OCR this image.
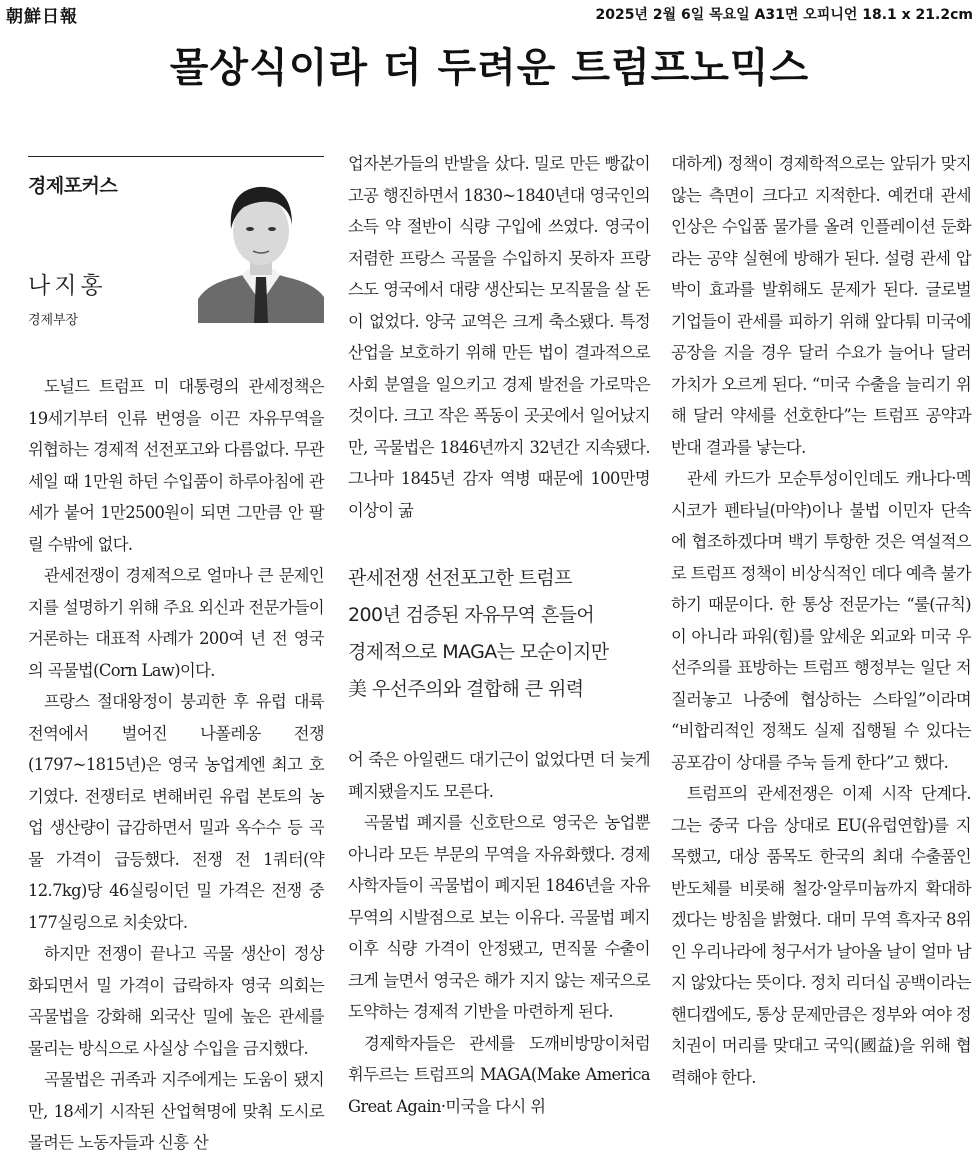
朝鮮日報	2025년 2월 6일 목요일 A31면 오피니언 18.1 x 21.2cm
몰상식이라 더 두려운 트럼프노믹스
경제포커스
나지홍
경제부장

도널드 트럼프 미 대통령의 관세정책은 19세기부터 인류 번영을 이끈 자유무역을 위협하는 경제적 선전포고와 다름없다. 무관세일 때 1만원 하던 수입품이 하루아침에 관세가 붙어 1만2500원이 되면 그만큼 안 팔릴 수밖에 없다.

관세전쟁이 경제적으로 얼마나 큰 문제인지를 설명하기 위해 주요 외신과 전문가들이 거론하는 대표적 사례가 200여 년 전 영국의 곡물법(Corn Law)이다.

프랑스 절대왕정이 붕괴한 후 유럽 대륙 전역에서 벌어진 나폴레옹 전쟁(1797~1815년)은 영국 농업계엔 최고 호기였다. 전쟁터로 변해버린 유럽 본토의 농업 생산량이 급감하면서 밀과 옥수수 등 곡물 가격이 급등했다. 전쟁 전 1쿼터(약 12.7kg)당 46실링이던 밀 가격은 전쟁 중 177실링으로 치솟았다.

하지만 전쟁이 끝나고 곡물 생산이 정상화되면서 밀 가격이 급락하자 영국 의회는 곡물법을 강화해 외국산 밀에 높은 관세를 물리는 방식으로 사실상 수입을 금지했다.

곡물법은 귀족과 지주에게는 도움이 됐지만, 18세기 시작된 산업혁명에 맞춰 도시로 몰려든 노동자들과 신흥 산

업자본가들의 반발을 샀다. 밀로 만든 빵값이 고공 행진하면서 1830~1840년대 영국인의 소득 약 절반이 식량 구입에 쓰였다. 영국이 저렴한 프랑스 곡물을 수입하지 못하자 프랑스도 영국에서 대량 생산되는 모직물을 살 돈이 없었다. 양국 교역은 크게 축소됐다. 특정 산업을 보호하기 위해 만든 법이 결과적으로 사회 분열을 일으키고 경제 발전을 가로막은 것이다. 크고 작은 폭동이 곳곳에서 일어났지만, 곡물법은 1846년까지 32년간 지속됐다. 그나마 1845년 감자 역병 때문에 100만명 이상이 굶

관세전쟁 선전포고한 트럼프
200년 검증된 자유무역 흔들어
경제적으로 MAGA는 모순이지만
美 우선주의와 결합해 큰 위력

어 죽은 아일랜드 대기근이 없었다면 더 늦게 폐지됐을지도 모른다.

곡물법 폐지를 신호탄으로 영국은 농업뿐 아니라 모든 부문의 무역을 자유화했다. 경제사학자들이 곡물법이 폐지된 1846년을 자유무역의 시발점으로 보는 이유다. 곡물법 폐지 이후 식량 가격이 안정됐고, 면직물 수출이 크게 늘면서 영국은 해가 지지 않는 제국으로 도약하는 경제적 기반을 마련하게 된다.

경제학자들은 관세를 도깨비방망이처럼 휘두르는 트럼프의 MAGA(Make America Great Again·미국을 다시 위

대하게) 정책이 경제학적으로는 앞뒤가 맞지 않는 측면이 크다고 지적한다. 예컨대 관세 인상은 수입품 물가를 올려 인플레이션 둔화라는 공약 실현에 방해가 된다. 설령 관세 압박이 효과를 발휘해도 문제가 된다. 글로벌 기업들이 관세를 피하기 위해 앞다퉈 미국에 공장을 지을 경우 달러 수요가 늘어나 달러 가치가 오르게 된다. “미국 수출을 늘리기 위해 달러 약세를 선호한다”는 트럼프 공약과 반대 결과를 낳는다.

관세 카드가 모순투성이인데도 캐나다·멕시코가 펜타닐(마약)이나 불법 이민자 단속에 협조하겠다며 백기 투항한 것은 역설적으로 트럼프 정책이 비상식적인 데다 예측 불가하기 때문이다. 한 통상 전문가는 “룰(규칙)이 아니라 파워(힘)를 앞세운 외교와 미국 우선주의를 표방하는 트럼프 행정부는 일단 저질러놓고 나중에 협상하는 스타일”이라며 “비합리적인 정책도 실제 집행될 수 있다는 공포감이 상대를 주눅 들게 한다”고 했다.

트럼프의 관세전쟁은 이제 시작 단계다. 그는 중국 다음 상대로 EU(유럽연합)를 지목했고, 대상 품목도 한국의 최대 수출품인 반도체를 비롯해 철강·알루미늄까지 확대하겠다는 방침을 밝혔다. 대미 무역 흑자국 8위인 우리나라에 청구서가 날아올 날이 얼마 남지 않았다는 뜻이다. 정치 리더십 공백이라는 핸디캡에도, 통상 문제만큼은 정부와 여야 정치권이 머리를 맞대고 국익(國益)을 위해 협력해야 한다.
